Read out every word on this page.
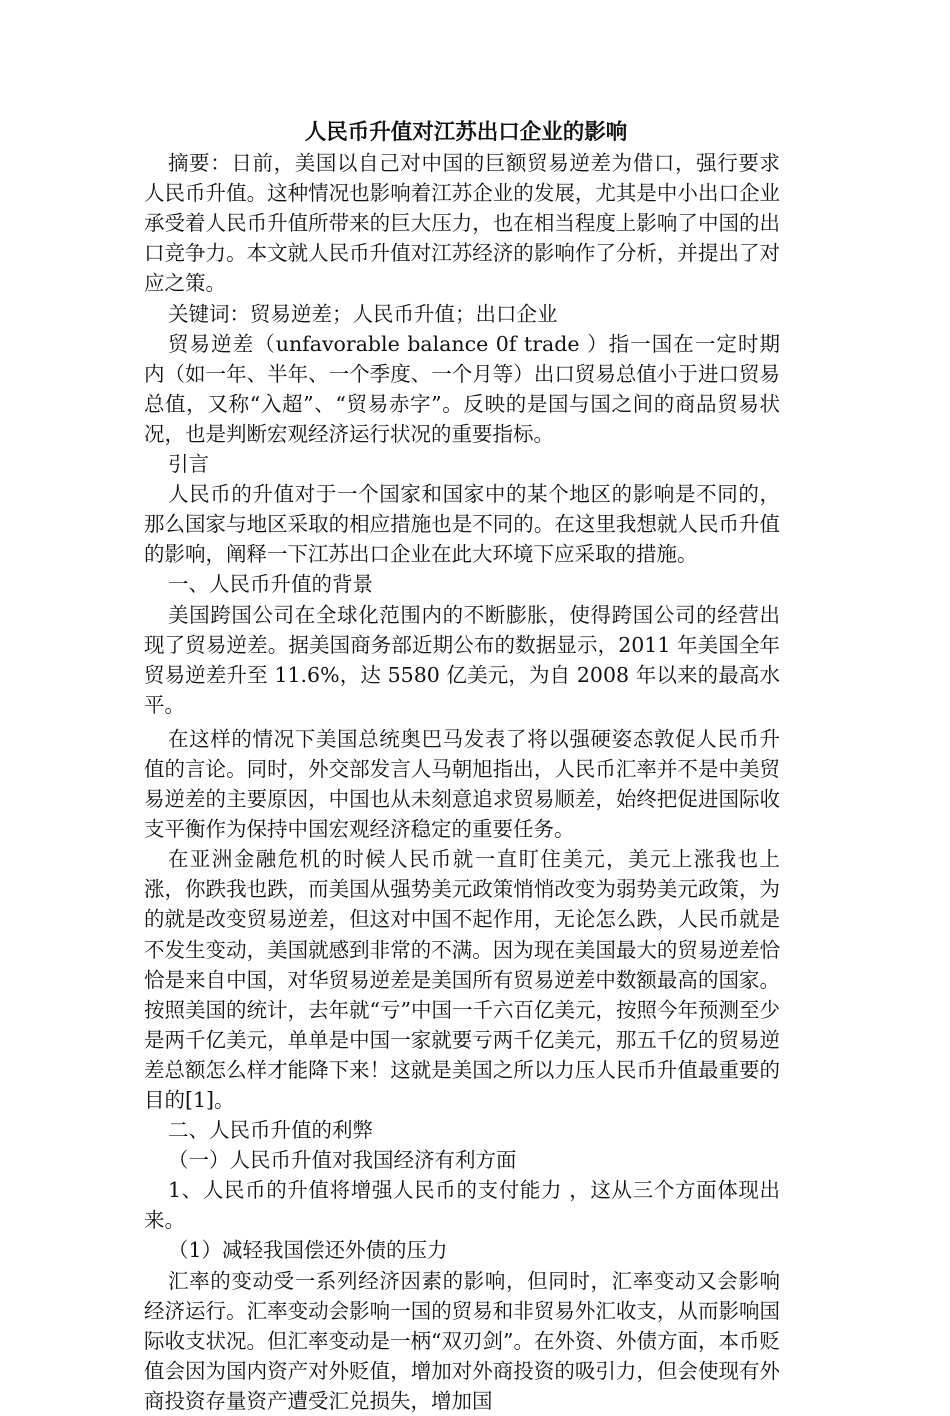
人民币升值对江苏出口企业的影响

摘要：日前，美国以自己对中国的巨额贸易逆差为借口，强行要求人民币升值。这种情况也影响着江苏企业的发展，尤其是中小出口企业承受着人民币升值所带来的巨大压力，也在相当程度上影响了中国的出口竞争力。本文就人民币升值对江苏经济的影响作了分析，并提出了对应之策。

关键词：贸易逆差；人民币升值；出口企业

贸易逆差（unfavorable balance 0f trade ）指一国在一定时期内（如一年、半年、一个季度、一个月等）出口贸易总值小于进口贸易总值，又称“入超”、“贸易赤字”。反映的是国与国之间的商品贸易状况，也是判断宏观经济运行状况的重要指标。

引言

人民币的升值对于一个国家和国家中的某个地区的影响是不同的，那么国家与地区采取的相应措施也是不同的。在这里我想就人民币升值的影响，阐释一下江苏出口企业在此大环境下应采取的措施。

一、人民币升值的背景

美国跨国公司在全球化范围内的不断膨胀，使得跨国公司的经营出现了贸易逆差。据美国商务部近期公布的数据显示，2011 年美国全年贸易逆差升至 11.6%，达 5580 亿美元，为自 2008 年以来的最高水平。

在这样的情况下美国总统奥巴马发表了将以强硬姿态敦促人民币升值的言论。同时，外交部发言人马朝旭指出，人民币汇率并不是中美贸易逆差的主要原因，中国也从未刻意追求贸易顺差，始终把促进国际收支平衡作为保持中国宏观经济稳定的重要任务。

在亚洲金融危机的时候人民币就一直盯住美元，美元上涨我也上涨，你跌我也跌，而美国从强势美元政策悄悄改变为弱势美元政策，为的就是改变贸易逆差，但这对中国不起作用，无论怎么跌，人民币就是不发生变动，美国就感到非常的不满。因为现在美国最大的贸易逆差恰恰是来自中国，对华贸易逆差是美国所有贸易逆差中数额最高的国家。按照美国的统计，去年就“亏”中国一千六百亿美元，按照今年预测至少是两千亿美元，单单是中国一家就要亏两千亿美元，那五千亿的贸易逆差总额怎么样才能降下来！这就是美国之所以力压人民币升值最重要的目的[1]。

二、人民币升值的利弊

（一）人民币升值对我国经济有利方面

1、人民币的升值将增强人民币的支付能力 ，这从三个方面体现出来。

（1）减轻我国偿还外债的压力

汇率的变动受一系列经济因素的影响，但同时，汇率变动又会影响经济运行。汇率变动会影响一国的贸易和非贸易外汇收支，从而影响国际收支状况。但汇率变动是一柄“双刃剑”。在外资、外债方面，本币贬值会因为国内资产对外贬值，增加对外商投资的吸引力，但会使现有外商投资存量资产遭受汇兑损失，增加国
